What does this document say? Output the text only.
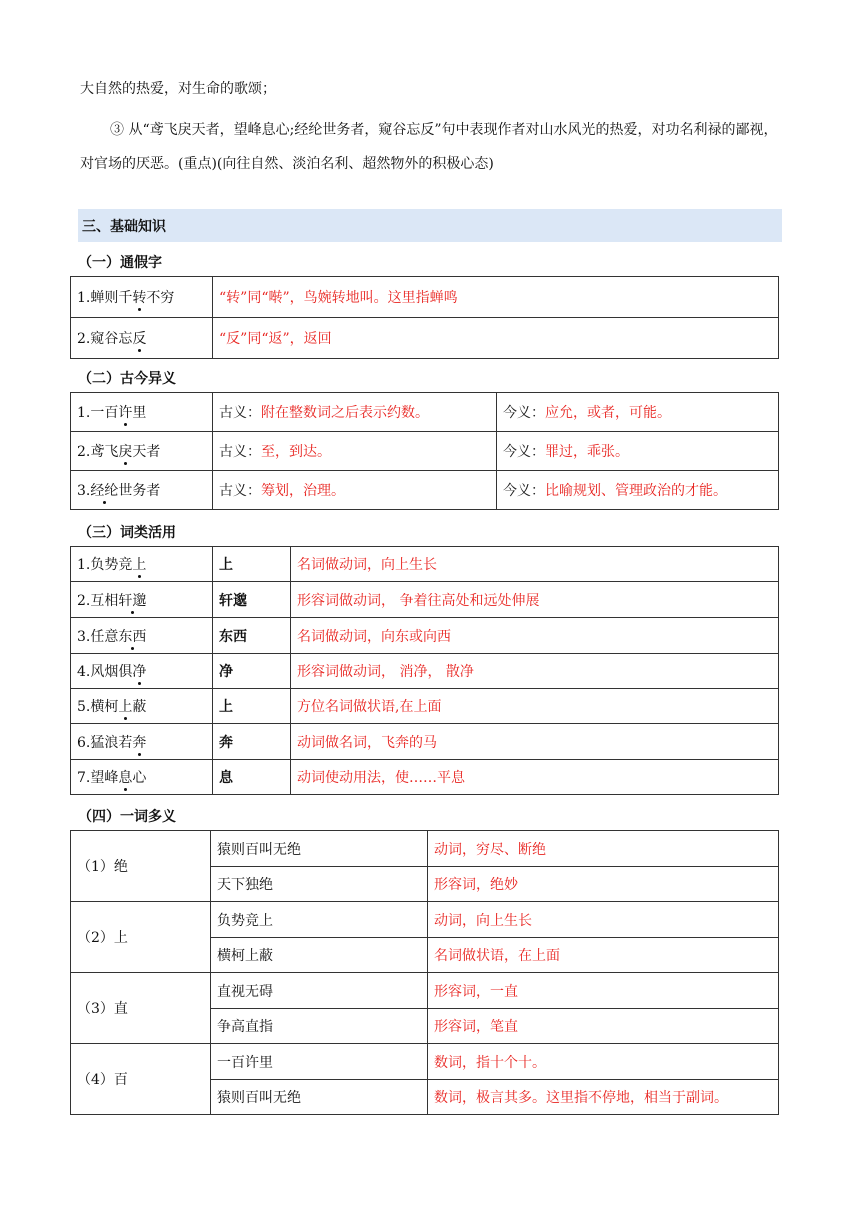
大自然的热爱，对生命的歌颂；
③ 从“鸢飞戾天者，望峰息心;经纶世务者，窥谷忘反”句中表现作者对山水风光的热爱，对功名利禄的鄙视，对官场的厌恶。(重点)(向往自然、淡泊名利、超然物外的积极心态)
三、基础知识
（一）通假字
1.蝉则千转不穷	“转”同“啭”，鸟婉转地叫。这里指蝉鸣
2.窥谷忘反	“反”同“返”，返回
（二）古今异义
1.一百许里	古义：附在整数词之后表示约数。	今义：应允，或者，可能。
2.鸢飞戾天者	古义：至，到达。	今义：罪过，乖张。
3.经纶世务者	古义：筹划，治理。	今义：比喻规划、管理政治的才能。
（三）词类活用
1.负势竞上	上	名词做动词，向上生长
2.互相轩邈	轩邈	形容词做动词， 争着往高处和远处伸展
3.任意东西	东西	名词做动词，向东或向西
4.风烟俱净	净	形容词做动词， 消净， 散净
5.横柯上蔽	上	方位名词做状语,在上面
6.猛浪若奔	奔	动词做名词，飞奔的马
7.望峰息心	息	动词使动用法，使……平息
（四）一词多义
（1）绝	猿则百叫无绝	动词，穷尽、断绝
	天下独绝	形容词，绝妙
（2）上	负势竞上	动词，向上生长
	横柯上蔽	名词做状语，在上面
（3）直	直视无碍	形容词，一直
	争高直指	形容词，笔直
（4）百	一百许里	数词，指十个十。
	猿则百叫无绝	数词，极言其多。这里指不停地，相当于副词。
